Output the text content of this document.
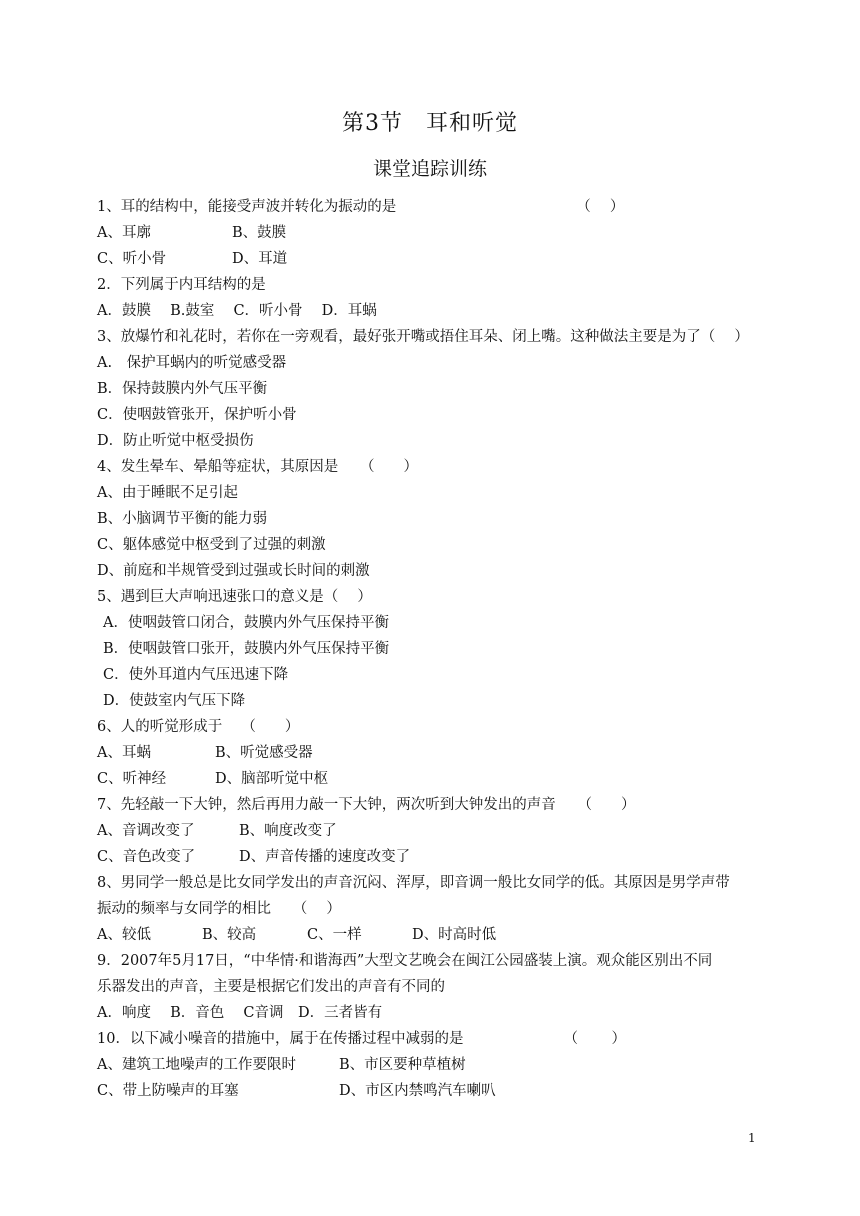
第3节　耳和听觉
课堂追踪训练
1、耳的结构中，能接受声波并转化为振动的是	（　 ）
A、耳廓	B、鼓膜
C、听小骨	D、耳道
2．下列属于内耳结构的是
A．鼓膜　 B.鼓室　 C．听小骨　 D．耳蜗
3、放爆竹和礼花时，若你在一旁观看，最好张开嘴或捂住耳朵、闭上嘴。这种做法主要是为了（　 ）
A.　保护耳蜗内的听觉感受器
B．保持鼓膜内外气压平衡
C．使咽鼓管张开，保护听小骨
D．防止听觉中枢受损伤
4、发生晕车、晕船等症状，其原因是　　（　　）
A、由于睡眠不足引起
B、小脑调节平衡的能力弱
C、躯体感觉中枢受到了过强的刺激
D、前庭和半规管受到过强或长时间的刺激
5、遇到巨大声响迅速张口的意义是（　 ）
A．使咽鼓管口闭合，鼓膜内外气压保持平衡
B．使咽鼓管口张开，鼓膜内外气压保持平衡
C．使外耳道内气压迅速下降
D．使鼓室内气压下降
6、人的听觉形成于　 （　　）
A、耳蜗	B、听觉感受器
C、听神经	D、脑部听觉中枢
7、先轻敲一下大钟，然后再用力敲一下大钟，两次听到大钟发出的声音　　（　　）
A、音调改变了	B、响度改变了
C、音色改变了	D、声音传播的速度改变了
8、男同学一般总是比女同学发出的声音沉闷、浑厚，即音调一般比女同学的低。其原因是男学声带
振动的频率与女同学的相比　　（　 ）
A、较低	B、较高	C、一样	D、时高时低
9．2007年5月17日，“中华情·和谐海西”大型文艺晚会在闽江公园盛装上演。观众能区别出不同
乐器发出的声音，主要是根据它们发出的声音有不同的
A．响度　 B．音色　 C音调　D．三者皆有
10．以下减小噪音的措施中，属于在传播过程中减弱的是	（　　 ）
A、建筑工地噪声的工作要限时	B、市区要种草植树
C、带上防噪声的耳塞	D、市区内禁鸣汽车喇叭
1
